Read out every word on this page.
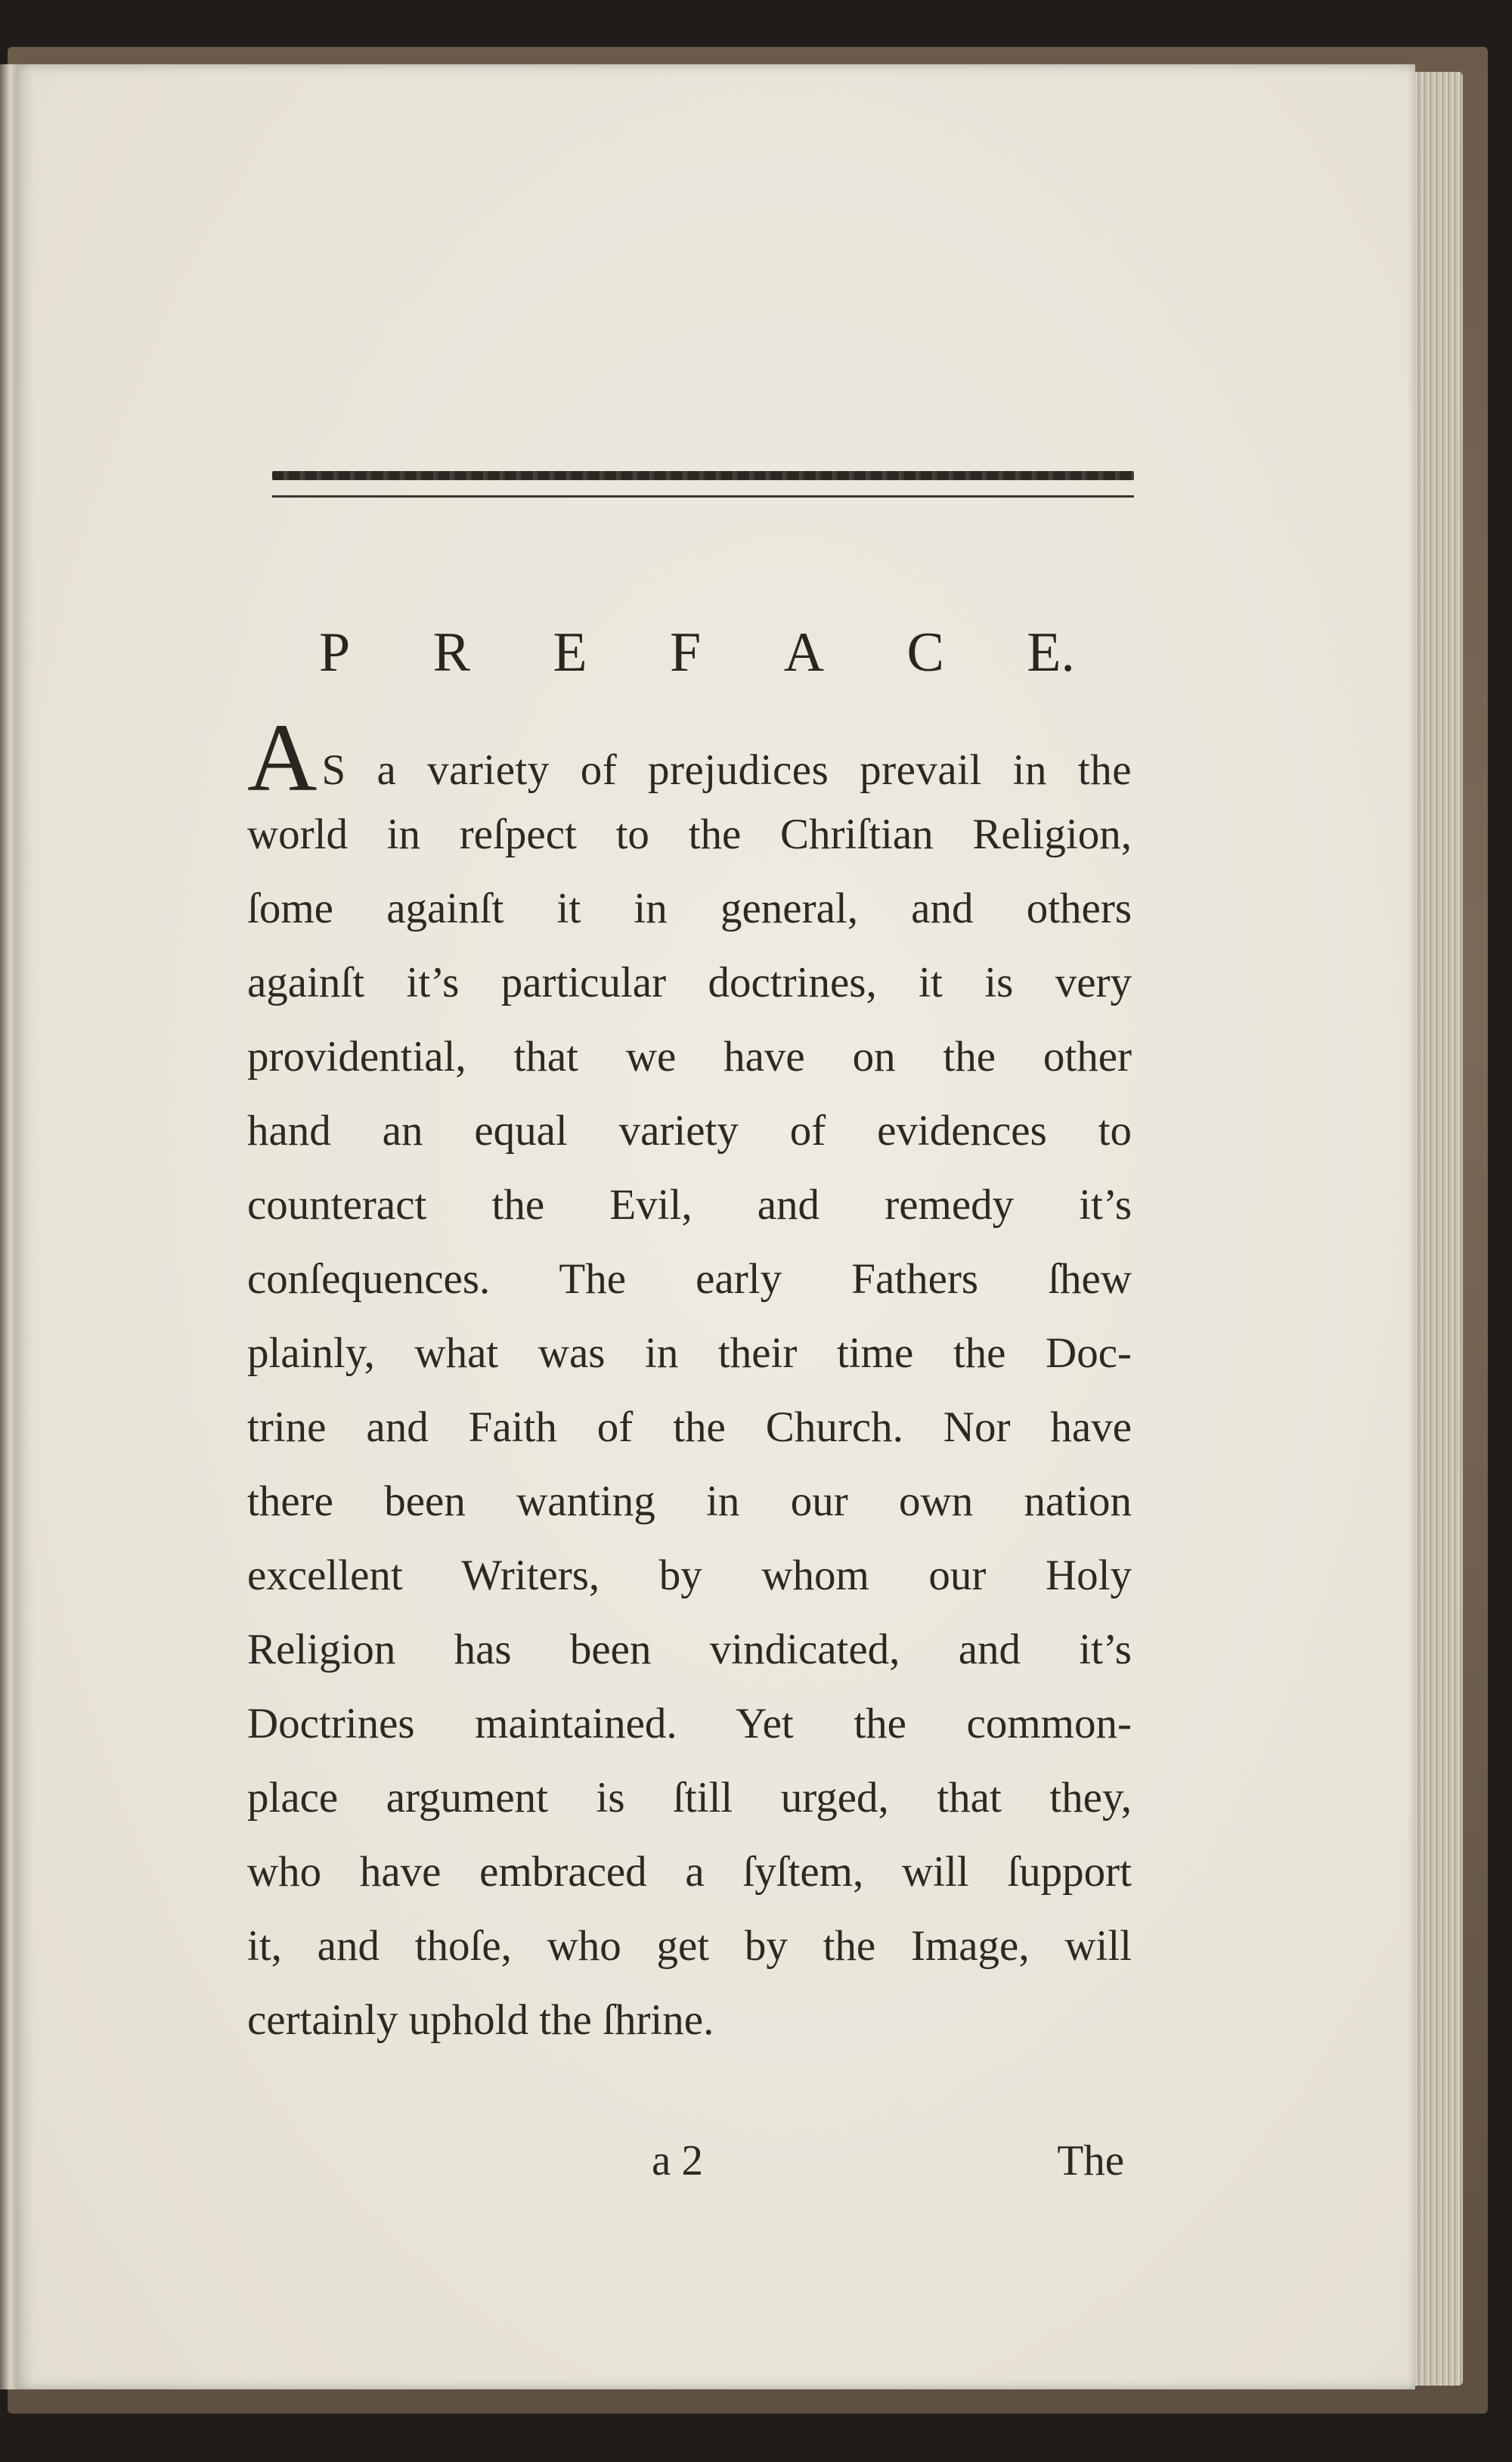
P R E F A C E.
A S a variety of prejudices prevail in the
world in reſpect to the Chriſtian Religion,
ſome againſt it in general, and others
againſt it’s particular doctrines, it is very
providential, that we have on the other
hand an equal variety of evidences to
counteract the Evil, and remedy it’s
conſequences. The early Fathers ſhew
plainly, what was in their time the Doc-
trine and Faith of the Church. Nor have
there been wanting in our own nation
excellent Writers, by whom our Holy
Religion has been vindicated, and it’s
Doctrines maintained. Yet the common-
place argument is ſtill urged, that they,
who have embraced a ſyſtem, will ſupport
it, and thoſe, who get by the Image, will
certainly uphold the ſhrine.
a 2	The
